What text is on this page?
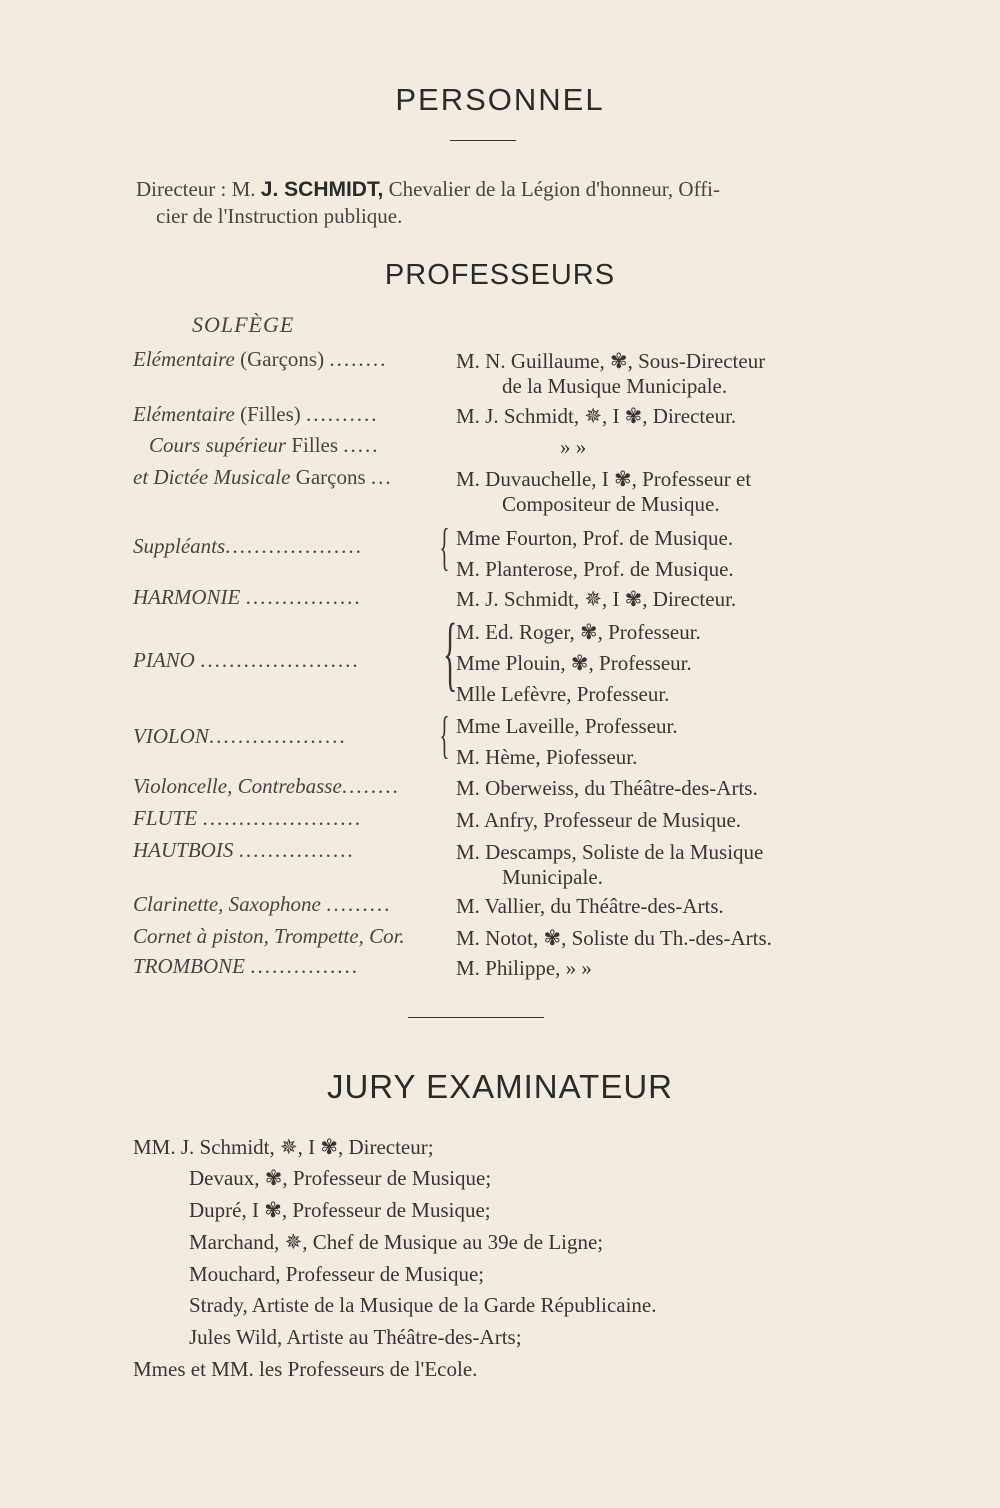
PERSONNEL
Directeur : M. J. SCHMIDT, Chevalier de la Légion d'honneur, Offi-
cier de l'Instruction publique.
PROFESSEURS
SOLFÈGE
Elémentaire (Garçons) ........	M. N. Guillaume, ✾, Sous-Directeur
de la Musique Municipale.
Elémentaire (Filles) ..........	M. J. Schmidt, ✵, I ✾, Directeur.
Cours supérieur Filles .....	» »
et Dictée Musicale Garçons ...	M. Duvauchelle, I ✾, Professeur et
Compositeur de Musique.
Suppléants................... { Mme Fourton, Prof. de Musique.
M. Planterose, Prof. de Musique.
HARMONIE ................	M. J. Schmidt, ✵, I ✾, Directeur.
PIANO ...................... {
M. Ed. Roger, ✾, Professeur.
Mme Plouin, ✾, Professeur.
Mlle Lefèvre, Professeur.
VIOLON................... { Mme Laveille, Professeur.
M. Hème, Piofesseur.
Violoncelle, Contrebasse........	M. Oberweiss, du Théâtre-des-Arts.
FLUTE ......................	M. Anfry, Professeur de Musique.
HAUTBOIS ................	M. Descamps, Soliste de la Musique
Municipale.
Clarinette, Saxophone .........	M. Vallier, du Théâtre-des-Arts.
Cornet à piston, Trompette, Cor. M. Notot, ✾, Soliste du Th.-des-Arts.
TROMBONE ...............	M. Philippe, » »
JURY EXAMINATEUR
MM. J. Schmidt, ✵, I ✾, Directeur;
Devaux, ✾, Professeur de Musique;
Dupré, I ✾, Professeur de Musique;
Marchand, ✵, Chef de Musique au 39e de Ligne;
Mouchard, Professeur de Musique;
Strady, Artiste de la Musique de la Garde Républicaine.
Jules Wild, Artiste au Théâtre-des-Arts;
Mmes et MM. les Professeurs de l'Ecole.
